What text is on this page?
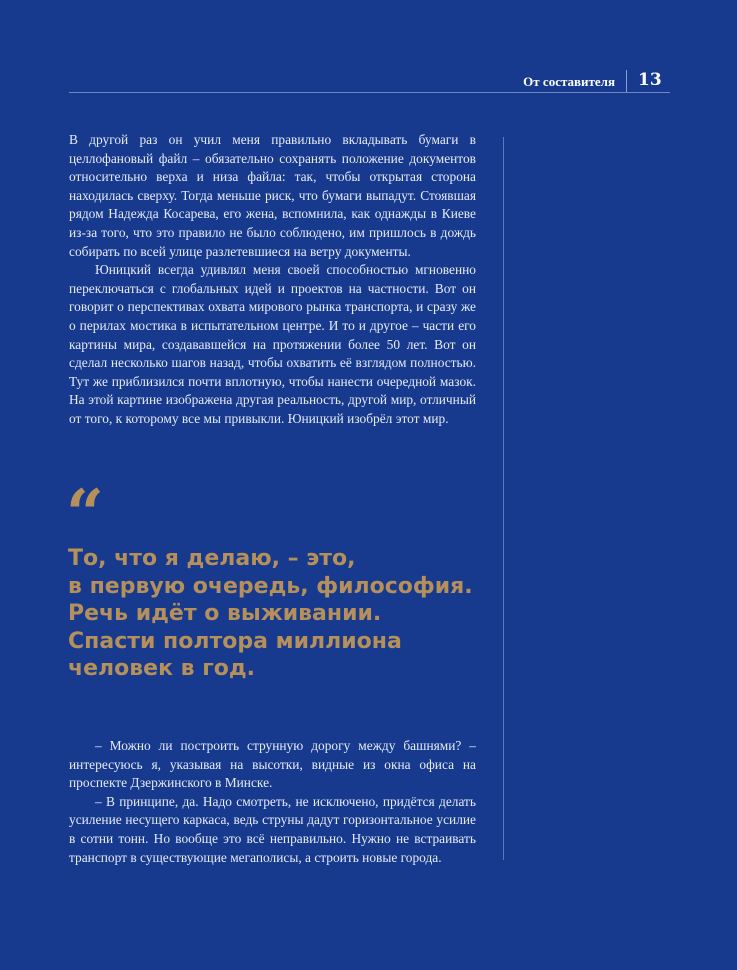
От составителя 13

В другой раз он учил меня правильно вкладывать бумаги в целлофановый файл – обязательно сохранять положение документов относительно верха и низа файла: так, чтобы открытая сторона находилась сверху. Тогда меньше риск, что бумаги выпадут. Стоявшая рядом Надежда Косарева, его жена, вспомнила, как однажды в Киеве из-за того, что это правило не было соблюдено, им пришлось в дождь собирать по всей улице разлетевшиеся на ветру документы.

Юницкий всегда удивлял меня своей способностью мгновенно переключаться с глобальных идей и проектов на частности. Вот он говорит о перспективах охвата мирового рынка транспорта, и сразу же о перилах мостика в испытательном центре. И то и другое – части его картины мира, создававшейся на протяжении более 50 лет. Вот он сделал несколько шагов назад, чтобы охватить её взглядом полностью. Тут же приблизился почти вплотную, чтобы нанести очередной мазок. На этой картине изображена другая реальность, другой мир, отличный от того, к которому все мы привыкли. Юницкий изобрёл этот мир.

“
То, что я делаю, – это,
в первую очередь, философия.
Речь идёт о выживании.
Спасти полтора миллиона
человек в год.

– Можно ли построить струнную дорогу между башнями? – интересуюсь я, указывая на высотки, видные из окна офиса на проспекте Дзержинского в Минске.

– В принципе, да. Надо смотреть, не исключено, придётся делать усиление несущего каркаса, ведь струны дадут горизонтальное усилие в сотни тонн. Но вообще это всё неправильно. Нужно не встраивать транспорт в существующие мегаполисы, а строить новые города.
